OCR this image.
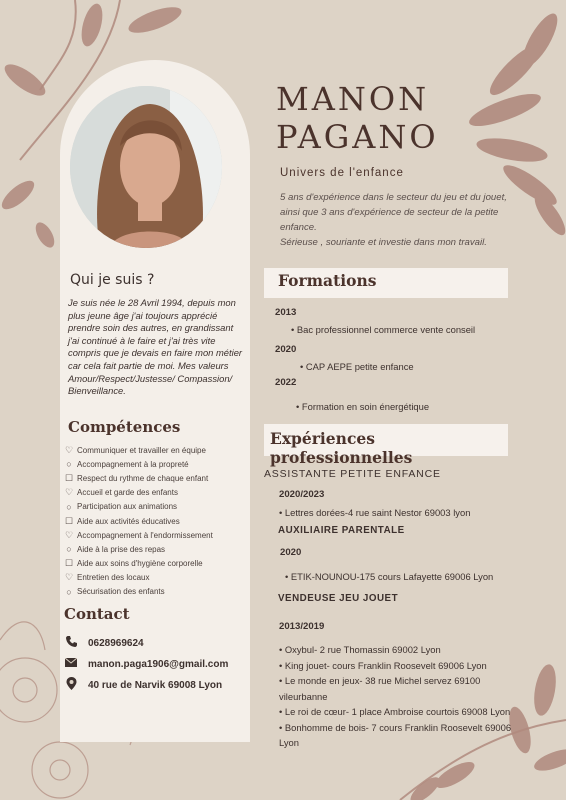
MANON
PAGANO
Univers de l'enfance

5 ans d'expérience dans le secteur du jeu et du jouet, ainsi que 3 ans d'expérience de secteur de la petite enfance.

Sérieuse , souriante et investie dans mon travail.

Qui je suis ?
Je suis née le 28 Avril 1994, depuis mon plus jeune âge j'ai toujours apprécié prendre soin des autres, en grandissant j'ai continué à le faire et j'ai très vite compris que je devais en faire mon métier car cela fait partie de moi. Mes valeurs Amour/Respect/Justesse/ Compassion/ Bienveillance.
Compétences
♡ Communiquer et travailler en équipe
○ Accompagnement à la propreté
☐ Respect du rythme de chaque enfant
♡ Accueil et garde des enfants
○ Participation aux animations
☐ Aide aux activités éducatives
♡ Accompagnement à l'endormissement
○ Aide à la prise des repas
☐ Aide aux soins d'hygiène corporelle
♡ Entretien des locaux
○ Sécurisation des enfants
Contact
0628969624
manon.paga1906@gmail.com
40 rue de Narvik 69008 Lyon
Formations
2013
• Bac professionnel commerce vente conseil
2020
• CAP AEPE petite enfance
2022
• Formation en soin énergétique
Expériences professionnelles
ASSISTANTE PETITE ENFANCE
2020/2023
• Lettres dorées-4 rue saint Nestor 69003 lyon
AUXILIAIRE PARENTALE
2020
• ETIK-NOUNOU-175 cours Lafayette 69006 Lyon
VENDEUSE JEU JOUET
2013/2019
• Oxybul- 2 rue Thomassin 69002 Lyon
• King jouet- cours Franklin Roosevelt 69006 Lyon
• Le monde en jeux- 38 rue Michel servez 69100 vileurbanne
• Le roi de cœur- 1 place Ambroise courtois 69008 Lyon
• Bonhomme de bois- 7 cours Franklin Roosevelt 69006 Lyon
